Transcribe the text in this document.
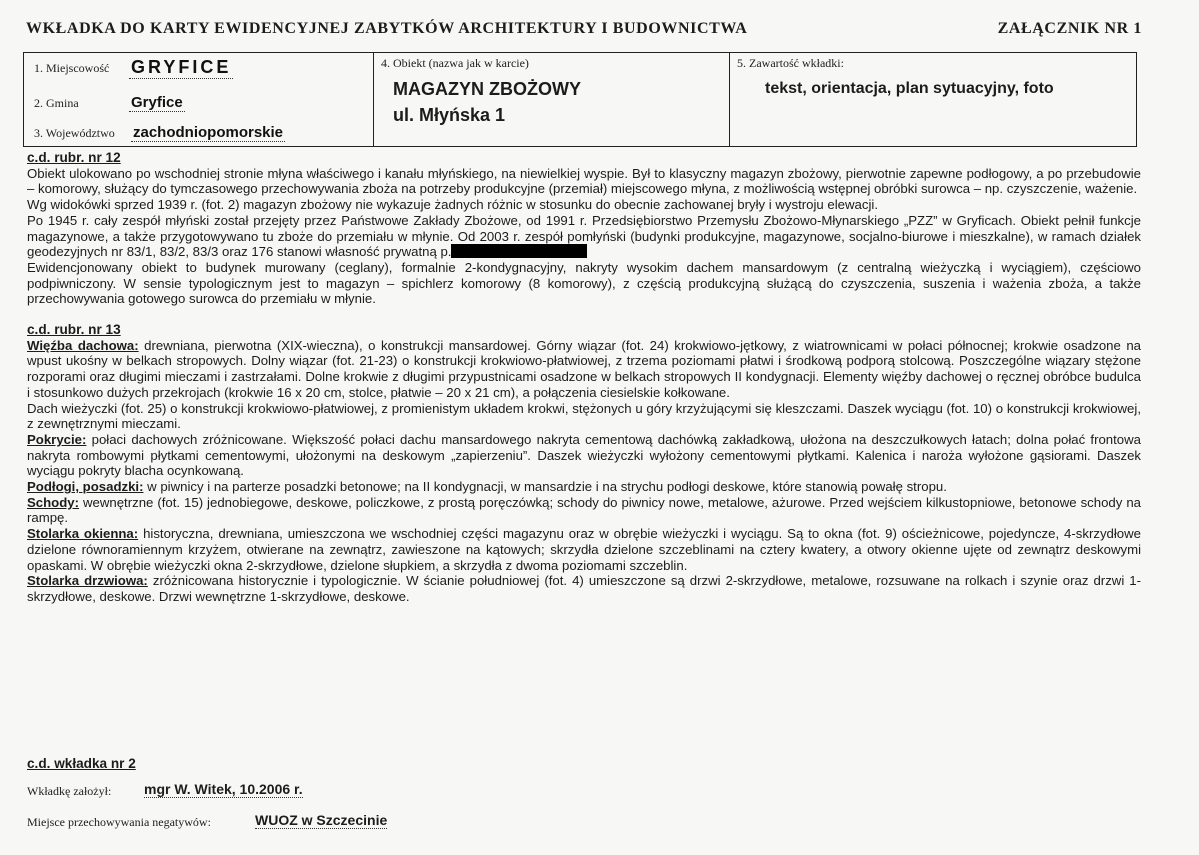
WKŁADKA DO KARTY EWIDENCYJNEJ ZABYTKÓW ARCHITEKTURY I BUDOWNICTWA	ZAŁĄCZNIK NR 1
1. Miejscowość GRYFICE
2. Gmina	Gryfice
3. Województwo zachodniopomorskie
4. Obiekt (nazwa jak w karcie)
MAGAZYN ZBOŻOWY
ul. Młyńska 1
5. Zawartość wkładki:
tekst, orientacja, plan sytuacyjny, foto
c.d. rubr. nr 12

Obiekt ulokowano po wschodniej stronie młyna właściwego i kanału młyńskiego, na niewielkiej wyspie. Był to klasyczny magazyn zbożowy, pierwotnie zapewne podłogowy, a po przebudowie – komorowy, służący do tymczasowego przechowywania zboża na potrzeby produkcyjne (przemiał) miejscowego młyna, z możliwością wstępnej obróbki surowca – np. czyszczenie, ważenie.

Wg widokówki sprzed 1939 r. (fot. 2) magazyn zbożowy nie wykazuje żadnych różnic w stosunku do obecnie zachowanej bryły i wystroju elewacji.

Po 1945 r. cały zespół młyński został przejęty przez Państwowe Zakłady Zbożowe, od 1991 r. Przedsiębiorstwo Przemysłu Zbożowo-Młynarskiego „PZZ” w Gryficach. Obiekt pełnił funkcje magazynowe, a także przygotowywano tu zboże do przemiału w młynie. Od 2003 r. zespół pomłyński (budynki produkcyjne, magazynowe, socjalno-biurowe i mieszkalne), w ramach działek geodezyjnych nr 83/1, 83/2, 83/3 oraz 176 stanowi własność prywatną p.

Ewidencjonowany obiekt to budynek murowany (ceglany), formalnie 2-kondygnacyjny, nakryty wysokim dachem mansardowym (z centralną wieżyczką i wyciągiem), częściowo podpiwniczony. W sensie typologicznym jest to magazyn – spichlerz komorowy (8 komorowy), z częścią produkcyjną służącą do czyszczenia, suszenia i ważenia zboża, a także przechowywania gotowego surowca do przemiału w młynie.

c.d. rubr. nr 13

Więźba dachowa: drewniana, pierwotna (XIX-wieczna), o konstrukcji mansardowej. Górny wiązar (fot. 24) krokwiowo-jętkowy, z wiatrownicami w połaci północnej; krokwie osadzone na wpust ukośny w belkach stropowych. Dolny wiązar (fot. 21-23) o konstrukcji krokwiowo-płatwiowej, z trzema poziomami płatwi i środkową podporą stolcową. Poszczególne wiązary stężone rozporami oraz długimi mieczami i zastrzałami. Dolne krokwie z długimi przypustnicami osadzone w belkach stropowych II kondygnacji. Elementy więźby dachowej o ręcznej obróbce budulca i stosunkowo dużych przekrojach (krokwie 16 x 20 cm, stolce, płatwie – 20 x 21 cm), a połączenia ciesielskie kołkowane.

Dach wieżyczki (fot. 25) o konstrukcji krokwiowo-płatwiowej, z promienistym układem krokwi, stężonych u góry krzyżującymi się kleszczami. Daszek wyciągu (fot. 10) o konstrukcji krokwiowej, z zewnętrznymi mieczami.

Pokrycie: połaci dachowych zróżnicowane. Większość połaci dachu mansardowego nakryta cementową dachówką zakładkową, ułożona na deszczułkowych łatach; dolna połać frontowa nakryta rombowymi płytkami cementowymi, ułożonymi na deskowym „zapierzeniu”. Daszek wieżyczki wyłożony cementowymi płytkami. Kalenica i naroża wyłożone gąsiorami. Daszek wyciągu pokryty blacha ocynkowaną.

Podłogi, posadzki: w piwnicy i na parterze posadzki betonowe; na II kondygnacji, w mansardzie i na strychu podłogi deskowe, które stanowią powałę stropu.

Schody: wewnętrzne (fot. 15) jednobiegowe, deskowe, policzkowe, z prostą poręczówką; schody do piwnicy nowe, metalowe, ażurowe. Przed wejściem kilkustopniowe, betonowe schody na rampę.

Stolarka okienna: historyczna, drewniana, umieszczona we wschodniej części magazynu oraz w obrębie wieżyczki i wyciągu. Są to okna (fot. 9) ościeżnicowe, pojedyncze, 4-skrzydłowe dzielone równoramiennym krzyżem, otwierane na zewnątrz, zawieszone na kątowych; skrzydła dzielone szczeblinami na cztery kwatery, a otwory okienne ujęte od zewnątrz deskowymi opaskami. W obrębie wieżyczki okna 2-skrzydłowe, dzielone słupkiem, a skrzydła z dwoma poziomami szczeblin.

Stolarka drzwiowa: zróżnicowana historycznie i typologicznie. W ścianie południowej (fot. 4) umieszczone są drzwi 2-skrzydłowe, metalowe, rozsuwane na rolkach i szynie oraz drzwi 1-skrzydłowe, deskowe. Drzwi wewnętrzne 1-skrzydłowe, deskowe.

c.d. wkładka nr 2
Wkładkę założył: mgr W. Witek, 10.2006 r.
Miejsce przechowywania negatywów:	WUOZ w Szczecinie
